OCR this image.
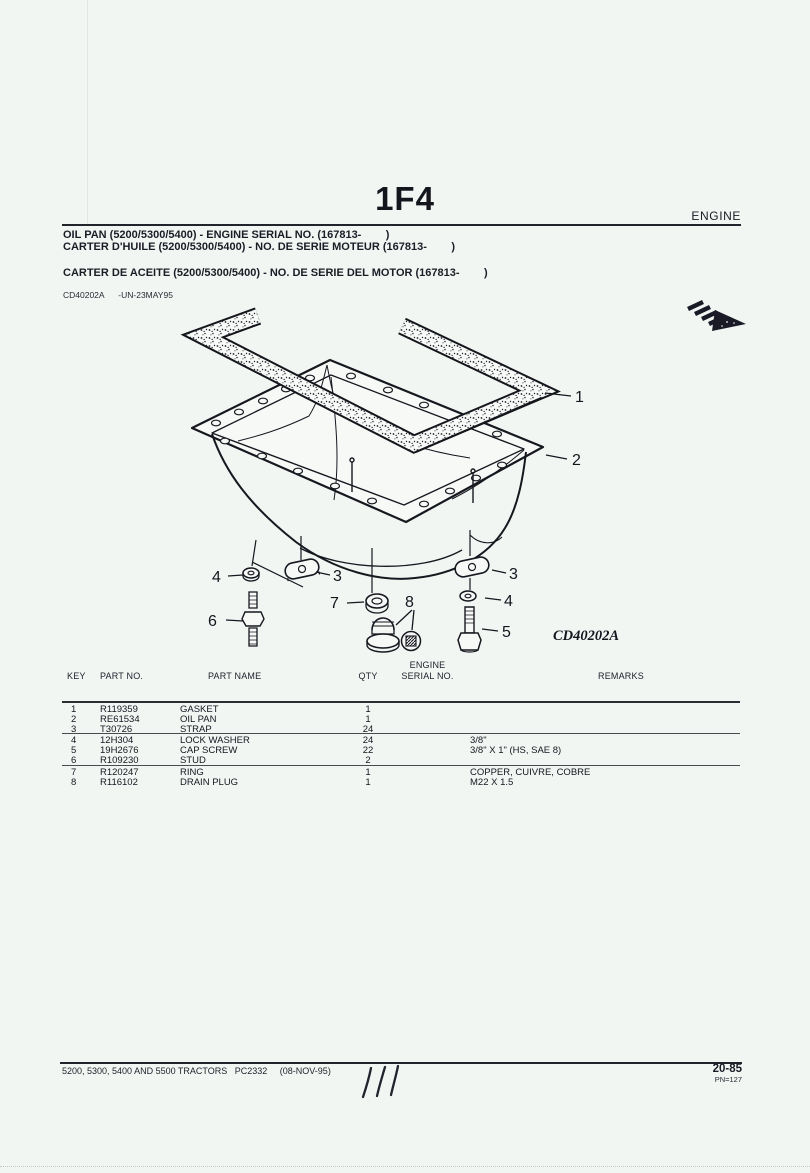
1F4	ENGINE
OIL PAN (5200/5300/5400) - ENGINE SERIAL NO. (167813-        )
CARTER D'HUILE (5200/5300/5400) - NO. DE SERIE MOTEUR (167813-        )
CARTER DE ACEITE (5200/5300/5400) - NO. DE SERIE DEL MOTOR (167813-        )
CD40202A      -UN-23MAY95
1
2
3	3
4
4
5
6
7	8
CD40202A
KEY PART NO.	PART NAME	QTY
ENGINE
SERIAL NO.	REMARKS
1	R119359	GASKET	1
2	RE61534	OIL PAN	1
3	T30726	STRAP	24
4	12H304	LOCK WASHER	24	3/8"
5	19H2676	CAP SCREW	22	3/8" X 1" (HS, SAE 8)
6	R109230	STUD	2
7	R120247	RING	1	COPPER, CUIVRE, COBRE
8	R116102	DRAIN PLUG	1	M22 X 1.5
5200, 5300, 5400 AND 5500 TRACTORS   PC2332     (08-NOV-95)	20-85
PN=127
